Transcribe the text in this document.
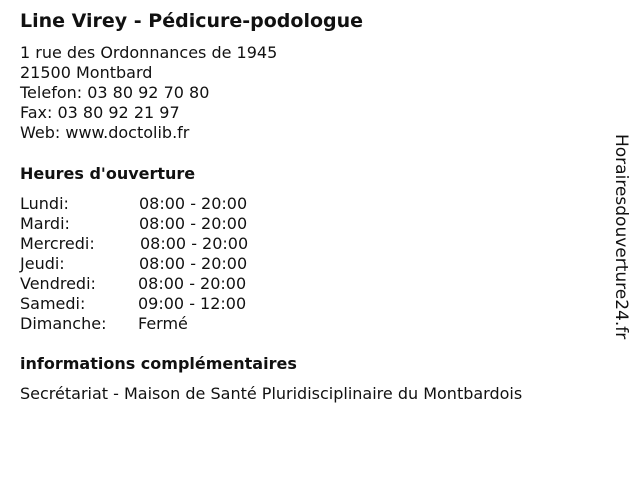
Line Virey - Pédicure-podologue
1 rue des Ordonnances de 1945
21500 Montbard
Telefon: 03 80 92 70 80
Fax: 03 80 92 21 97
Web: www.doctolib.fr
Heures d'ouverture
Lundi:	08:00 - 20:00
Mardi:	08:00 - 20:00
Mercredi:	08:00 - 20:00
Jeudi:	08:00 - 20:00
Vendredi:	08:00 - 20:00
Samedi:	09:00 - 12:00
Dimanche: Fermé
informations complémentaires
Secrétariat - Maison de Santé Pluridisciplinaire du Montbardois
Horairesdouverture24.fr
